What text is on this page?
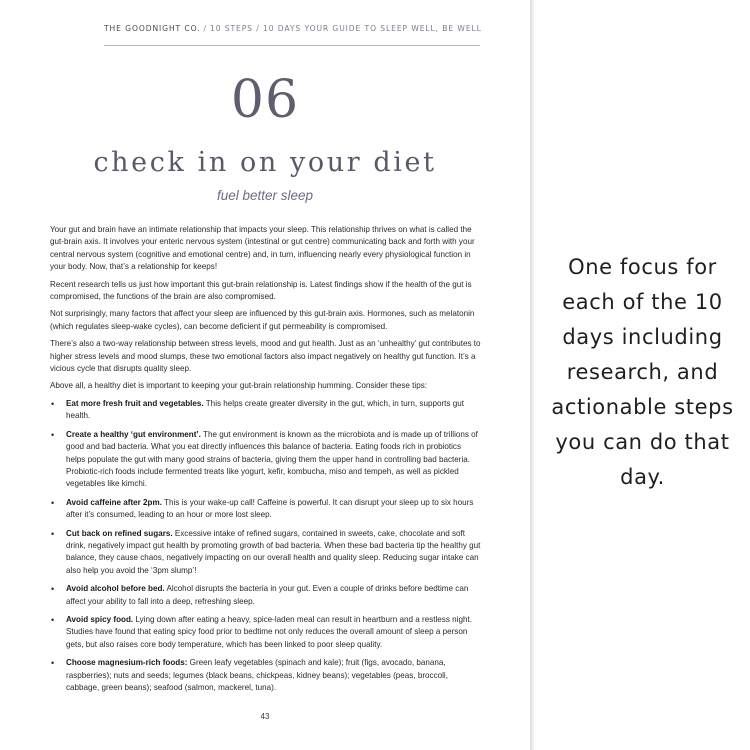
THE GOODNIGHT CO. / 10 STEPS / 10 DAYS YOUR GUIDE TO SLEEP WELL, BE WELL
06
check in on your diet
fuel better sleep

Your gut and brain have an intimate relationship that impacts your sleep. This relationship thrives on what is called the gut-brain axis. It involves your enteric nervous system (intestinal or gut centre) communicating back and forth with your central nervous system (cognitive and emotional centre) and, in turn, influencing nearly every physiological function in your body. Now, that’s a relationship for keeps!

Recent research tells us just how important this gut-brain relationship is. Latest findings show if the health of the gut is compromised, the functions of the brain are also compromised.

Not surprisingly, many factors that affect your sleep are influenced by this gut-brain axis. Hormones, such as melatonin (which regulates sleep-wake cycles), can become deficient if gut permeability is compromised.

There’s also a two-way relationship between stress levels, mood and gut health. Just as an ‘unhealthy’ gut contributes to higher stress levels and mood slumps, these two emotional factors also impact negatively on healthy gut function. It’s a vicious cycle that disrupts quality sleep.

Above all, a healthy diet is important to keeping your gut-brain relationship humming. Consider these tips:

• Eat more fresh fruit and vegetables. This helps create greater diversity in the gut, which, in turn, supports gut health.
• Create a healthy ‘gut environment’. The gut environment is known as the microbiota and is made up of trillions of good and bad bacteria. What you eat directly influences this balance of bacteria. Eating foods rich in probiotics helps populate the gut with many good strains of bacteria, giving them the upper hand in controlling bad bacteria. Probiotic-rich foods include fermented treats like yogurt, kefir, kombucha, miso and tempeh, as well as pickled vegetables like kimchi.
• Avoid caffeine after 2pm. This is your wake-up call! Caffeine is powerful. It can disrupt your sleep up to six hours after it’s consumed, leading to an hour or more lost sleep.
• Cut back on refined sugars. Excessive intake of refined sugars, contained in sweets, cake, chocolate and soft drink, negatively impact gut health by promoting growth of bad bacteria. When these bad bacteria tip the healthy gut balance, they cause chaos, negatively impacting on our overall health and quality sleep. Reducing sugar intake can also help you avoid the ‘3pm slump’!
• Avoid alcohol before bed. Alcohol disrupts the bacteria in your gut. Even a couple of drinks before bedtime can affect your ability to fall into a deep, refreshing sleep.
• Avoid spicy food. Lying down after eating a heavy, spice-laden meal can result in heartburn and a restless night. Studies have found that eating spicy food prior to bedtime not only reduces the overall amount of sleep a person gets, but also raises core body temperature, which has been linked to poor sleep quality.
• Choose magnesium-rich foods: Green leafy vegetables (spinach and kale); fruit (figs, avocado, banana, raspberries); nuts and seeds; legumes (black beans, chickpeas, kidney beans); vegetables (peas, broccoli, cabbage, green beans); seafood (salmon, mackerel, tuna).
43
One focus for each of the 10 days including research, and actionable steps you can do that day.
